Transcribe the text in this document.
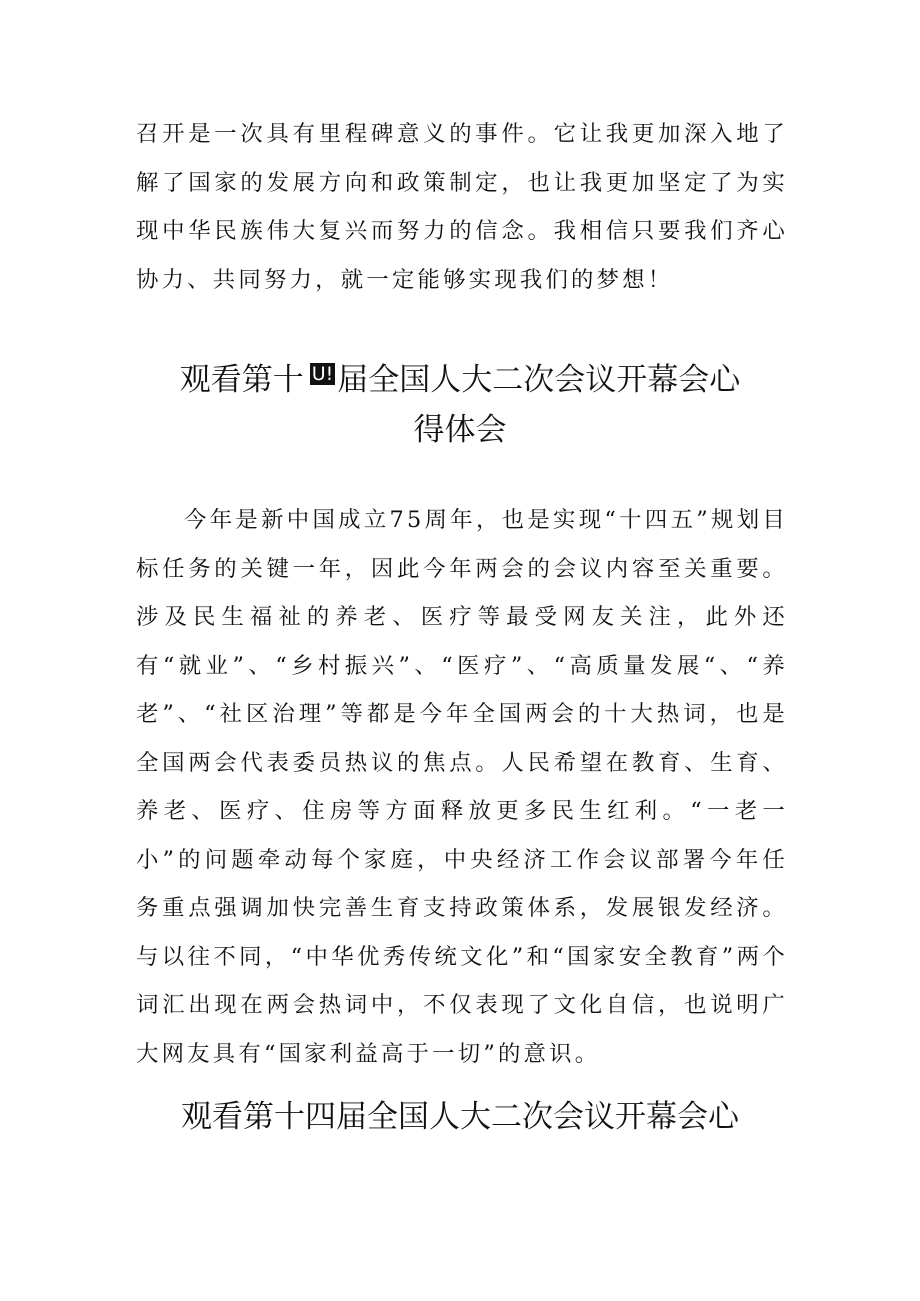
召开是一次具有里程碑意义的事件。它让我更加深入地了解了国家的发展方向和政策制定，也让我更加坚定了为实现中华民族伟大复兴而努力的信念。我相信只要我们齐心协力、共同努力，就一定能够实现我们的梦想！

观看第十 U! 届全国人大二次会议开幕会心
得体会

今年是新中国成立75周年，也是实现“十四五”规划目标任务的关键一年，因此今年两会的会议内容至关重要。涉及民生福祉的养老、医疗等最受网友关注，此外还有“就业”、“乡村振兴”、“医疗”、“高质量发展“、“养老”、“社区治理”等都是今年全国两会的十大热词，也是全国两会代表委员热议的焦点。人民希望在教育、生育、养老、医疗、住房等方面释放更多民生红利。“一老一小”的问题牵动每个家庭，中央经济工作会议部署今年任务重点强调加快完善生育支持政策体系，发展银发经济。与以往不同，“中华优秀传统文化”和“国家安全教育”两个词汇出现在两会热词中，不仅表现了文化自信，也说明广大网友具有“国家利益高于一切”的意识。

观看第十四届全国人大二次会议开幕会心
